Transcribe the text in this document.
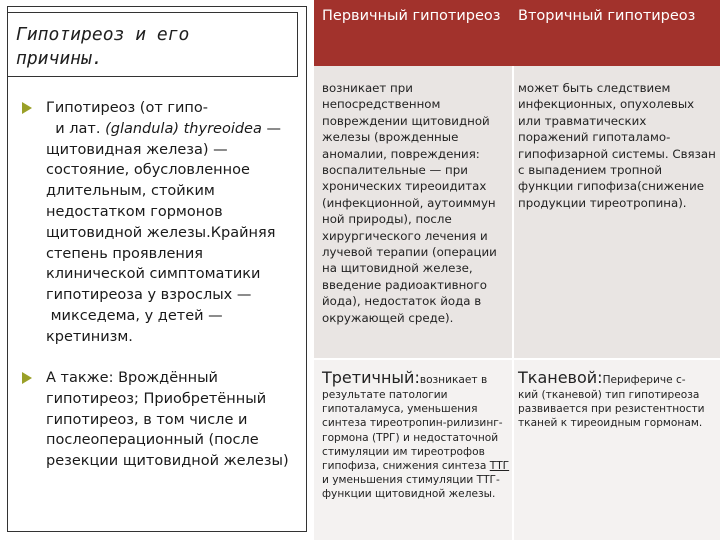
Гипотиреоз и его
причины.
Гипотиреоз (от гипо-
и лат. (glandula) thyreoidea — щитовидная железа) — состояние, обусловленное длительным, стойким недостатком гормонов щитовидной железы.Крайняя степень проявления клинической симптоматики гипотиреоза у взрослых —
микседема, у детей — кретинизм.
А также: Врождённый гипотиреоз; Приобретённый гипотиреоз, в том числе и послеоперационный (после резекции щитовидной железы)
Первичный гипотиреоз	Вторичный гипотиреоз
возникает при непосредственном повреждении щитовидной железы (врожденные аномалии, повреждения: воспалительные — при хронических тиреоидитах (инфекционной, аутоиммун ной природы), после хирургического лечения и лучевой терапии (операции на щитовидной железе, введение радиоактивного йода), недостаток йода в окружающей среде).
может быть следствием инфекционных, опухолевых или травматических поражений гипоталамо-гипофизарной системы. Связан с выпадением тропной функции гипофиза(снижение продукции тиреотропина).
Третичный:возникает в
результате патологии гипоталамуса, уменьшения синтеза тиреотропин-рилизинг-гормона (ТРГ) и недостаточной стимуляции им тиреотрофов гипофиза, снижения синтеза ТТГ и уменьшения стимуляции ТТГ-функции щитовидной железы.
Тканевой:Перифериче с-
кий (тканевой) тип гипотиреоза развивается при резистентности тканей к тиреоидным гормонам.
